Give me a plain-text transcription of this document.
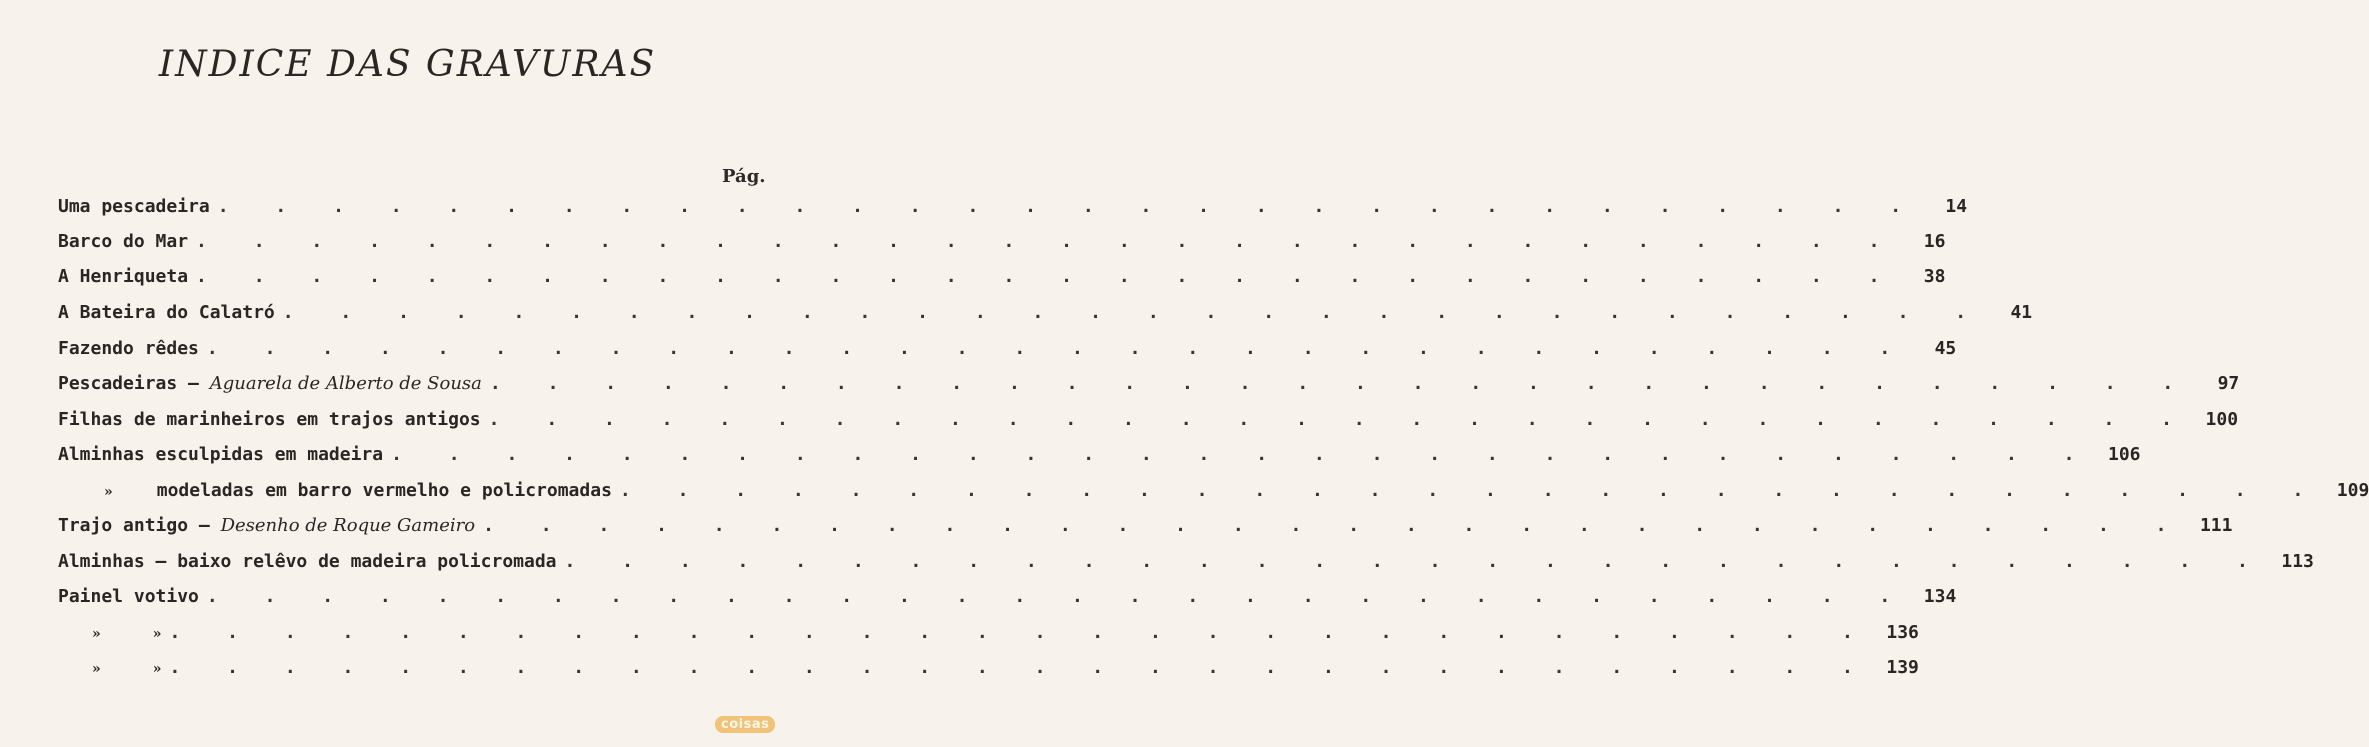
INDICE DAS GRAVURAS
Pág.
Uma pescadeira . . . . . . . . . . . . . . . . . . . . . . . . . . . . . .	14
Barco do Mar . . . . . . . . . . . . . . . . . . . . . . . . . . . . . .	16
A Henriqueta . . . . . . . . . . . . . . . . . . . . . . . . . . . . . .	38
A Bateira do Calatró . . . . . . . . . . . . . . . . . . . . . . . . . . . . . .	41
Fazendo rêdes . . . . . . . . . . . . . . . . . . . . . . . . . . . . . .	45
Pescadeiras — Aguarela de Alberto de Sousa . . . . . . . . . . . . . . . . . . . . . . . . . . . . . .	97
Filhas de marinheiros em trajos antigos . . . . . . . . . . . . . . . . . . . . . . . . . . . . . . 100
Alminhas esculpidas em madeira . . . . . . . . . . . . . . . . . . . . . . . . . . . . . . 106
» modeladas em barro vermelho e policromadas . . . . . . . . . . . . . . . . . . . . . . . . . . . . . . 109
Trajo antigo — Desenho de Roque Gameiro . . . . . . . . . . . . . . . . . . . . . . . . . . . . . . 111
Alminhas — baixo relêvo de madeira policromada . . . . . . . . . . . . . . . . . . . . . . . . . . . . . . 113
Painel votivo . . . . . . . . . . . . . . . . . . . . . . . . . . . . . . 134
»	» . . . . . . . . . . . . . . . . . . . . . . . . . . . . . . 136
»	» . . . . . . . . . . . . . . . . . . . . . . . . . . . . . . 139
coisas
